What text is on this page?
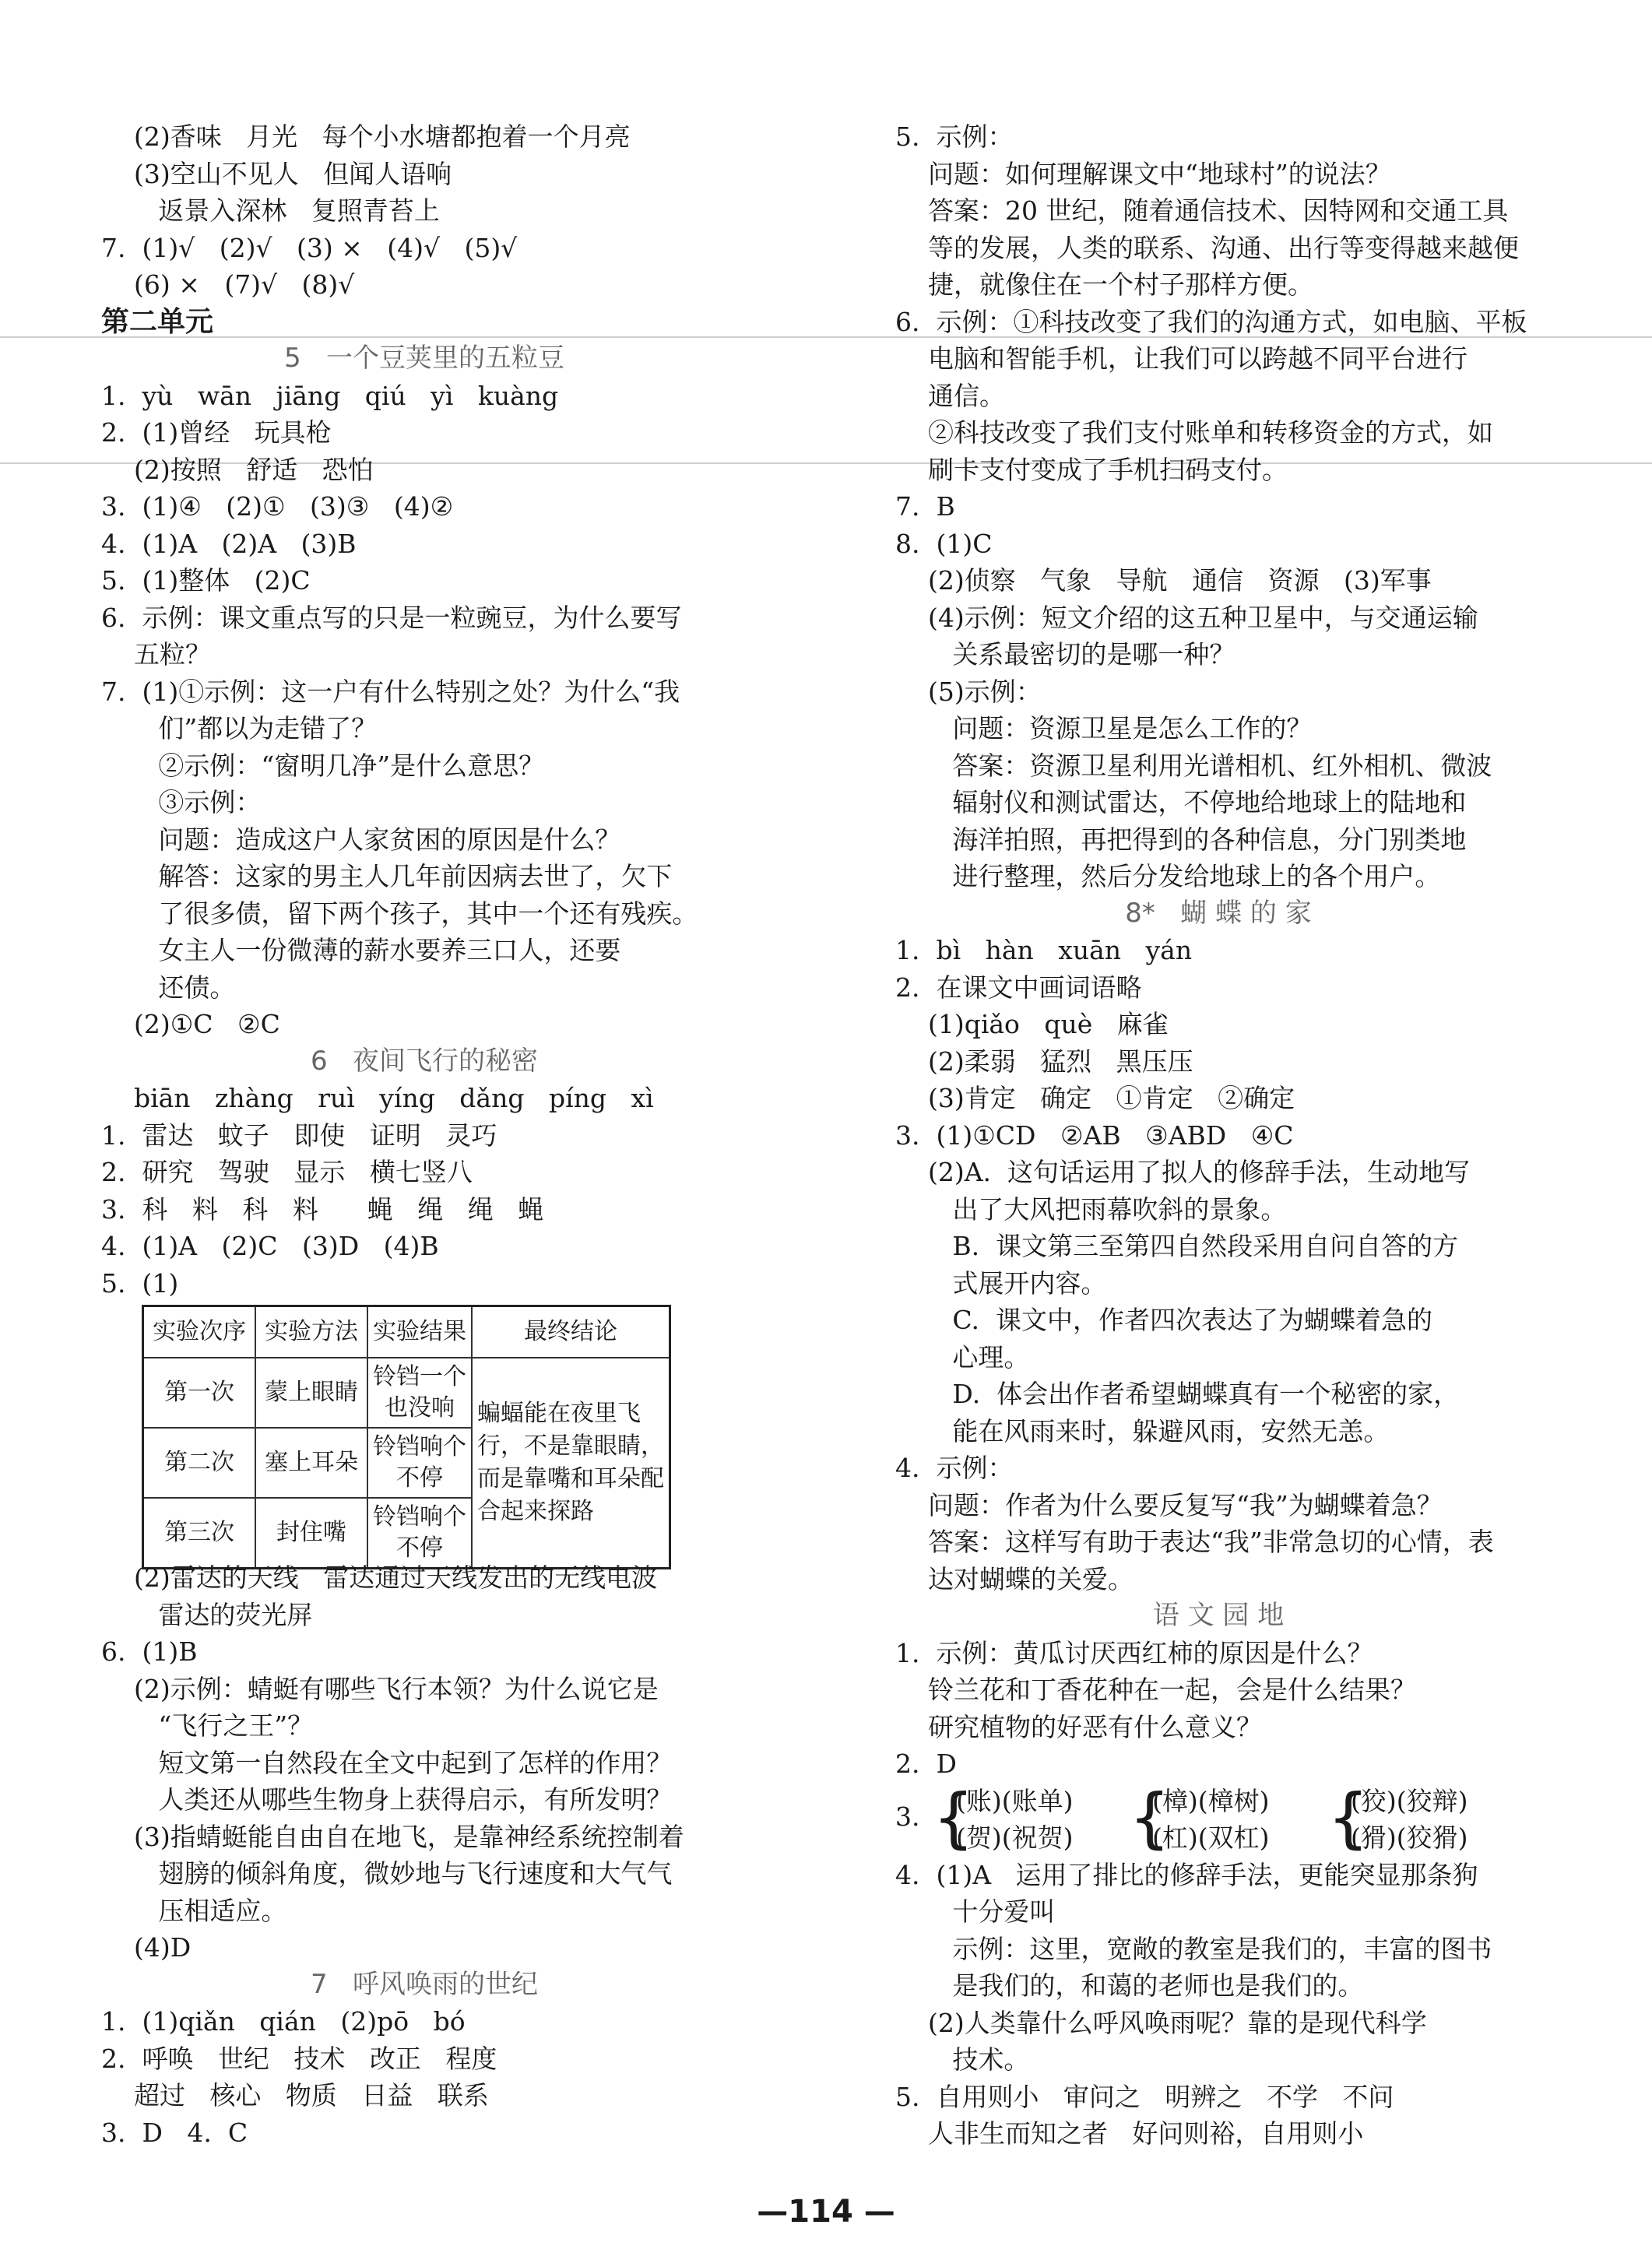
(2)香味   月光   每个小水塘都抱着一个月亮
(3)空山不见人   但闻人语响
返景入深林   复照青苔上
7.  (1)√   (2)√   (3) ×   (4)√   (5)√
(6) ×   (7)√   (8)√
第二单元
5   一个豆荚里的五粒豆
1.  yù   wān   jiāng   qiú   yì   kuàng
2.  (1)曾经   玩具枪
(2)按照   舒适   恐怕
3.  (1)④   (2)①   (3)③   (4)②
4.  (1)A   (2)A   (3)B
5.  (1)整体   (2)C
6.  示例：课文重点写的只是一粒豌豆，为什么要写
五粒？
7.  (1)①示例：这一户有什么特别之处？为什么“我
们”都以为走错了？
②示例：“窗明几净”是什么意思？
③示例：
问题：造成这户人家贫困的原因是什么？
解答：这家的男主人几年前因病去世了，欠下
了很多债，留下两个孩子，其中一个还有残疾。
女主人一份微薄的薪水要养三口人，还要
还债。
(2)①C   ②C
6   夜间飞行的秘密
biān   zhàng   ruì   yíng   dǎng   píng   xì
1.  雷达   蚊子   即使   证明   灵巧
2.  研究   驾驶   显示   横七竖八
3.  科   料   科   料      蝇   绳   绳   蝇
4.  (1)A   (2)C   (3)D   (4)B
5.  (1)
实验次序	实验方法	实验结果	最终结论
第一次	蒙上眼睛	铃铛一个也没响	蝙蝠能在夜里飞行，不是靠眼睛，而是靠嘴和耳朵配合起来探路
第二次	塞上耳朵	铃铛响个不停	
第三次	封住嘴	铃铛响个不停	
(2)雷达的天线   雷达通过天线发出的无线电波
雷达的荧光屏
6.  (1)B
(2)示例：蜻蜓有哪些飞行本领？为什么说它是
“飞行之王”？
短文第一自然段在全文中起到了怎样的作用？
人类还从哪些生物身上获得启示，有所发明？
(3)指蜻蜓能自由自在地飞，是靠神经系统控制着
翅膀的倾斜角度，微妙地与飞行速度和大气气
压相适应。
(4)D
7   呼风唤雨的世纪
1.  (1)qiǎn   qián   (2)pō   bó
2.  呼唤   世纪   技术   改正   程度
超过   核心   物质   日益   联系
3.  D   4.  C
5.  示例：
问题：如何理解课文中“地球村”的说法？
答案：20 世纪，随着通信技术、因特网和交通工具
等的发展，人类的联系、沟通、出行等变得越来越便
捷，就像住在一个村子那样方便。
6.  示例：①科技改变了我们的沟通方式，如电脑、平板
电脑和智能手机，让我们可以跨越不同平台进行
通信。
②科技改变了我们支付账单和转移资金的方式，如
刷卡支付变成了手机扫码支付。
7.  B
8.  (1)C
(2)侦察   气象   导航   通信   资源   (3)军事
(4)示例：短文介绍的这五种卫星中，与交通运输
关系最密切的是哪一种？
(5)示例：
问题：资源卫星是怎么工作的？
答案：资源卫星利用光谱相机、红外相机、微波
辐射仪和测试雷达，不停地给地球上的陆地和
海洋拍照，再把得到的各种信息，分门别类地
进行整理，然后分发给地球上的各个用户。
8*   蝴 蝶 的 家
1.  bì   hàn   xuān   yán
2.  在课文中画词语略
(1)qiǎo   què   麻雀
(2)柔弱   猛烈   黑压压
(3)肯定   确定   ①肯定   ②确定
3.  (1)①CD   ②AB   ③ABD   ④C
(2)A.  这句话运用了拟人的修辞手法，生动地写
出了大风把雨幕吹斜的景象。
B.  课文第三至第四自然段采用自问自答的方
式展开内容。
C.  课文中，作者四次表达了为蝴蝶着急的
心理。
D.  体会出作者希望蝴蝶真有一个秘密的家，
能在风雨来时，躲避风雨，安然无恙。
4.  示例：
问题：作者为什么要反复写“我”为蝴蝶着急？
答案：这样写有助于表达“我”非常急切的心情，表
达对蝴蝶的关爱。
语 文 园 地
1.  示例：黄瓜讨厌西红柿的原因是什么？
铃兰花和丁香花种在一起，会是什么结果？
研究植物的好恶有什么意义？
2.  D
3. {
(账)(账单)
(贺)(祝贺) {
(樟)(樟树)
(杠)(双杠) {
(狡)(狡辩)
(猾)(狡猾)
4.  (1)A   运用了排比的修辞手法，更能突显那条狗
十分爱叫
示例：这里，宽敞的教室是我们的，丰富的图书
是我们的，和蔼的老师也是我们的。
(2)人类靠什么呼风唤雨呢？靠的是现代科学
技术。
5.  自用则小   审问之   明辨之   不学   不问
人非生而知之者   好问则裕，自用则小
—114 —
